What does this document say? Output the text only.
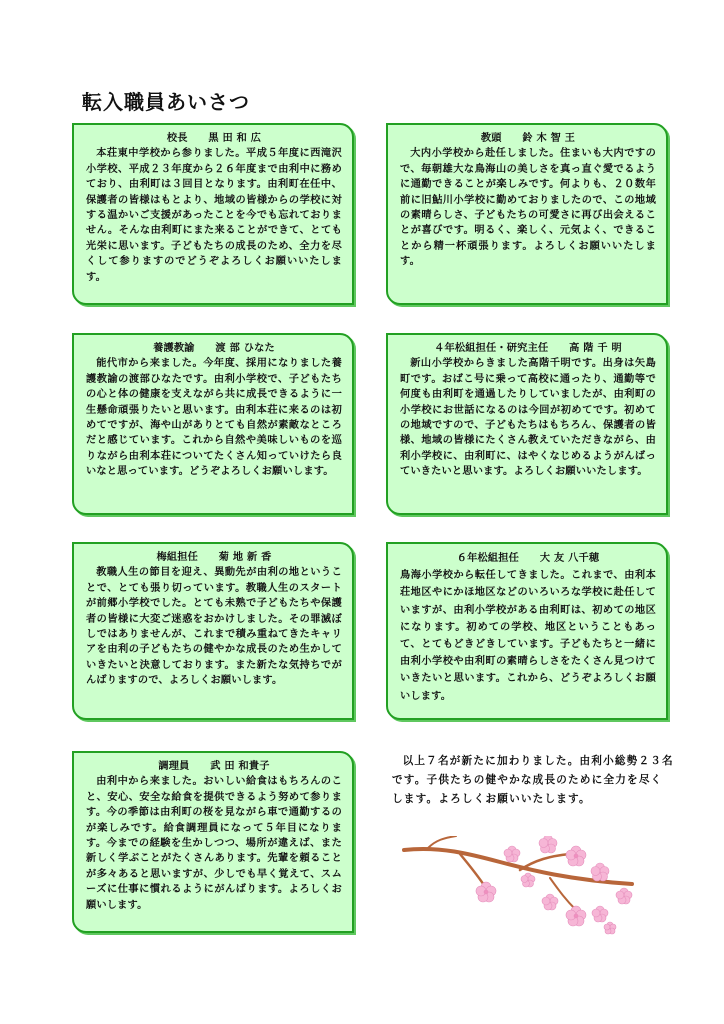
転入職員あいさつ
校長　　黒 田 和 広
本荘東中学校から参りました。平成５年度に西滝沢小学校、平成２３年度から２６年度まで由利中に務めており、由利町は３回目となります。由利町在任中、保護者の皆様はもとより、地域の皆様からの学校に対する温かいご支援があったことを今でも忘れておりません。そんな由利町にまた来ることができて、とても光栄に思います。子どもたちの成長のため、全力を尽くして参りますのでどうぞよろしくお願いいたします。
教頭　　鈴 木 智 王
大内小学校から赴任しました。住まいも大内ですので、毎朝雄大な鳥海山の美しさを真っ直ぐ愛でるように通勤できることが楽しみです。何よりも、２０数年前に旧鮎川小学校に勤めておりましたので、この地域の素晴らしさ、子どもたちの可愛さに再び出会えることが喜びです。明るく、楽しく、元気よく、できることから精一杯頑張ります。よろしくお願いいたします。
養護教諭　　渡 部 ひなた
能代市から来ました。今年度、採用になりました養護教諭の渡部ひなたです。由利小学校で、子どもたちの心と体の健康を支えながら共に成長できるように一生懸命頑張りたいと思います。由利本荘に来るのは初めてですが、海や山がありとても自然が素敵なところだと感じています。これから自然や美味しいものを巡りながら由利本荘についてたくさん知っていけたら良いなと思っています。どうぞよろしくお願いします。
４年松組担任・研究主任　　高 階 千 明
新山小学校からきました高階千明です。出身は矢島町です。おばこ号に乗って高校に通ったり、通勤等で何度も由利町を通過したりしていましたが、由利町の小学校にお世話になるのは今回が初めてです。初めての地域ですので、子どもたちはもちろん、保護者の皆様、地域の皆様にたくさん教えていただきながら、由利小学校に、由利町に、はやくなじめるようがんばっていきたいと思います。よろしくお願いいたします。
梅組担任　　菊 地 新 香
教職人生の節目を迎え、異動先が由利の地ということで、とても張り切っています。教職人生のスタートが前郷小学校でした。とても未熟で子どもたちや保護者の皆様に大変ご迷惑をおかけしました。その罪滅ぼしではありませんが、これまで積み重ねてきたキャリアを由利の子どもたちの健やかな成長のため生かしていきたいと決意しております。また新たな気持ちでがんばりますので、よろしくお願いします。
６年松組担任　　大 友 八千穂
鳥海小学校から転任してきました。これまで、由利本荘地区やにかほ地区などのいろいろな学校に赴任していますが、由利小学校がある由利町は、初めての地区になります。初めての学校、地区ということもあって、とてもどきどきしています。子どもたちと一緒に由利小学校や由利町の素晴らしさをたくさん見つけていきたいと思います。これから、どうぞよろしくお願いします。
調理員　　武 田 和貴子
由利中から来ました。おいしい給食はもちろんのこと、安心、安全な給食を提供できるよう努めて参ります。今の季節は由利町の桜を見ながら車で通勤するのが楽しみです。給食調理員になって５年目になります。今までの経験を生かしつつ、場所が違えば、また新しく学ぶことがたくさんあります。先輩を頼ることが多々あると思いますが、少しでも早く覚えて、スムーズに仕事に慣れるようにがんばります。よろしくお願いします。
以上７名が新たに加わりました。由利小総勢２３名です。子供たちの健やかな成長のために全力を尽くします。よろしくお願いいたします。
